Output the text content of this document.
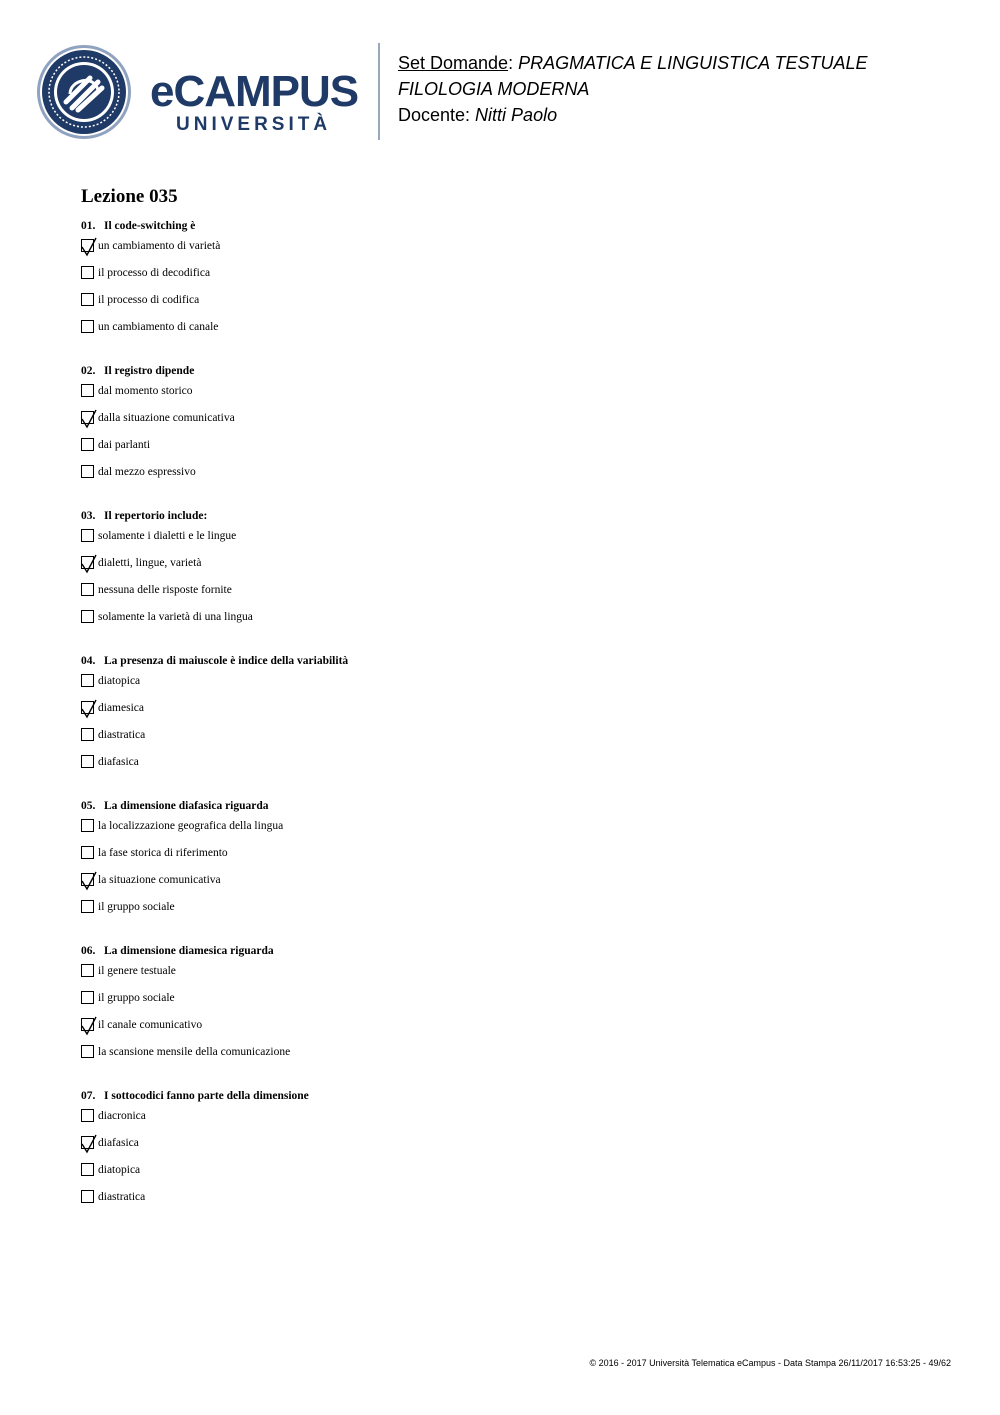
eCAMPUS
UNIVERSITÀ
Set Domande: PRAGMATICA E LINGUISTICA TESTUALE
FILOLOGIA MODERNA
Docente: Nitti Paolo
Lezione 035
01. Il code-switching è
un cambiamento di varietà
il processo di decodifica
il processo di codifica
un cambiamento di canale
02. Il registro dipende
dal momento storico
dalla situazione comunicativa
dai parlanti
dal mezzo espressivo
03. Il repertorio include:
solamente i dialetti e le lingue
dialetti, lingue, varietà
nessuna delle risposte fornite
solamente la varietà di una lingua
04. La presenza di maiuscole è indice della variabilità
diatopica
diamesica
diastratica
diafasica
05. La dimensione diafasica riguarda
la localizzazione geografica della lingua
la fase storica di riferimento
la situazione comunicativa
il gruppo sociale
06. La dimensione diamesica riguarda
il genere testuale
il gruppo sociale
il canale comunicativo
la scansione mensile della comunicazione
07. I sottocodici fanno parte della dimensione
diacronica
diafasica
diatopica
diastratica
© 2016 - 2017 Università Telematica eCampus - Data Stampa 26/11/2017 16:53:25 - 49/62
